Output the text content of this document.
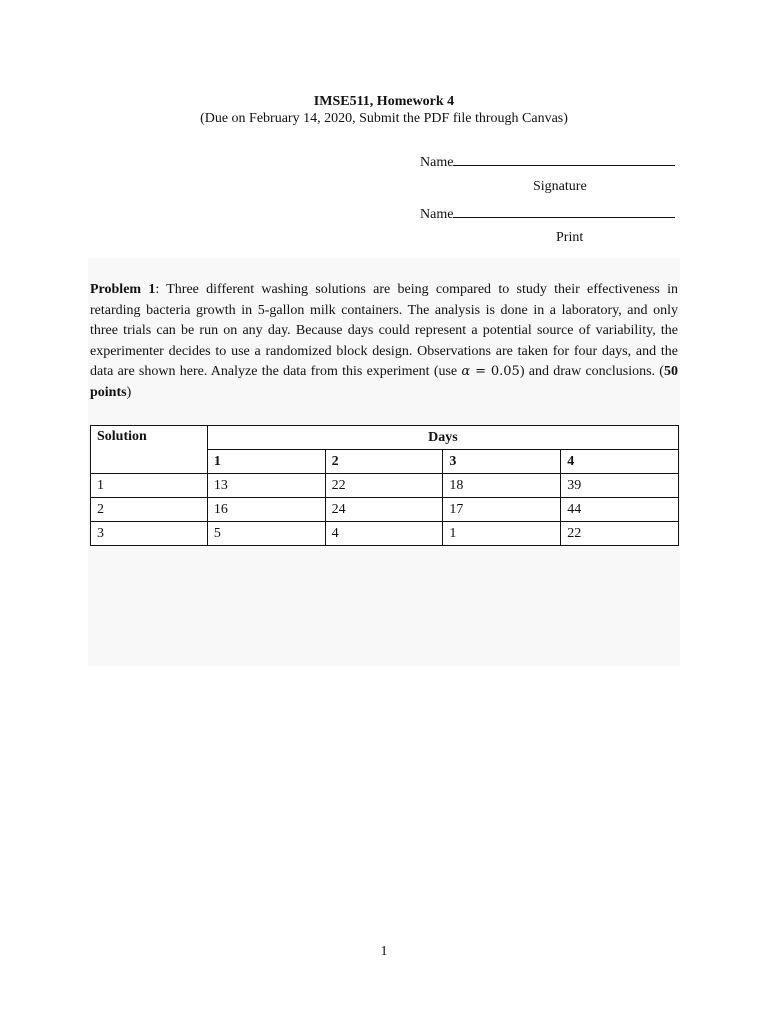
IMSE511, Homework 4
(Due on February 14, 2020, Submit the PDF file through Canvas)
Name
Signature
Name
Print
Problem 1: Three different washing solutions are being compared to study their effectiveness in retarding bacteria growth in 5-gallon milk containers. The analysis is done in a laboratory, and only three trials can be run on any day. Because days could represent a potential source of variability, the experimenter decides to use a randomized block design. Observations are taken for four days, and the data are shown here. Analyze the data from this experiment (use α = 0.05) and draw conclusions. (50 points)
Solution	Days			
	1	2	3	4
1	13	22	18	39
2	16	24	17	44
3	5	4	1	22
1
